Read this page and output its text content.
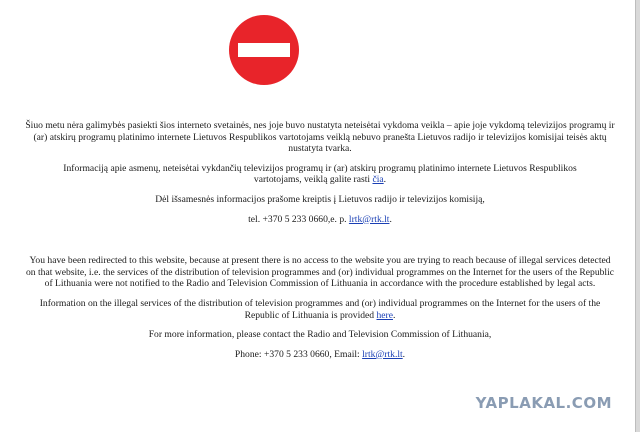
Šiuo metu nėra galimybės pasiekti šios interneto svetainės, nes joje buvo nustatyta neteisėtai vykdoma veikla – apie joje vykdomą televizijos programų ir (ar) atskirų programų platinimo internete Lietuvos Respublikos vartotojams veiklą nebuvo pranešta Lietuvos radijo ir televizijos komisijai teisės aktų nustatyta tvarka.

Informaciją apie asmenų, neteisėtai vykdančių televizijos programų ir (ar) atskirų programų platinimo internete Lietuvos Respublikos vartotojams, veiklą galite rasti čia.

Dėl išsamesnės informacijos prašome kreiptis į Lietuvos radijo ir televizijos komisiją,

tel. +370 5 233 0660,e. p. lrtk@rtk.lt.

You have been redirected to this website, because at present there is no access to the website you are trying to reach because of illegal services detected on that website, i.e. the services of the distribution of television programmes and (or) individual programmes on the Internet for the users of the Republic of Lithuania were not notified to the Radio and Television Commission of Lithuania in accordance with the procedure established by legal acts.

Information on the illegal services of the distribution of television programmes and (or) individual programmes on the Internet for the users of the Republic of Lithuania is provided here.

For more information, please contact the Radio and Television Commission of Lithuania,

Phone: +370 5 233 0660, Email: lrtk@rtk.lt.

YAPLAKAL.COM
